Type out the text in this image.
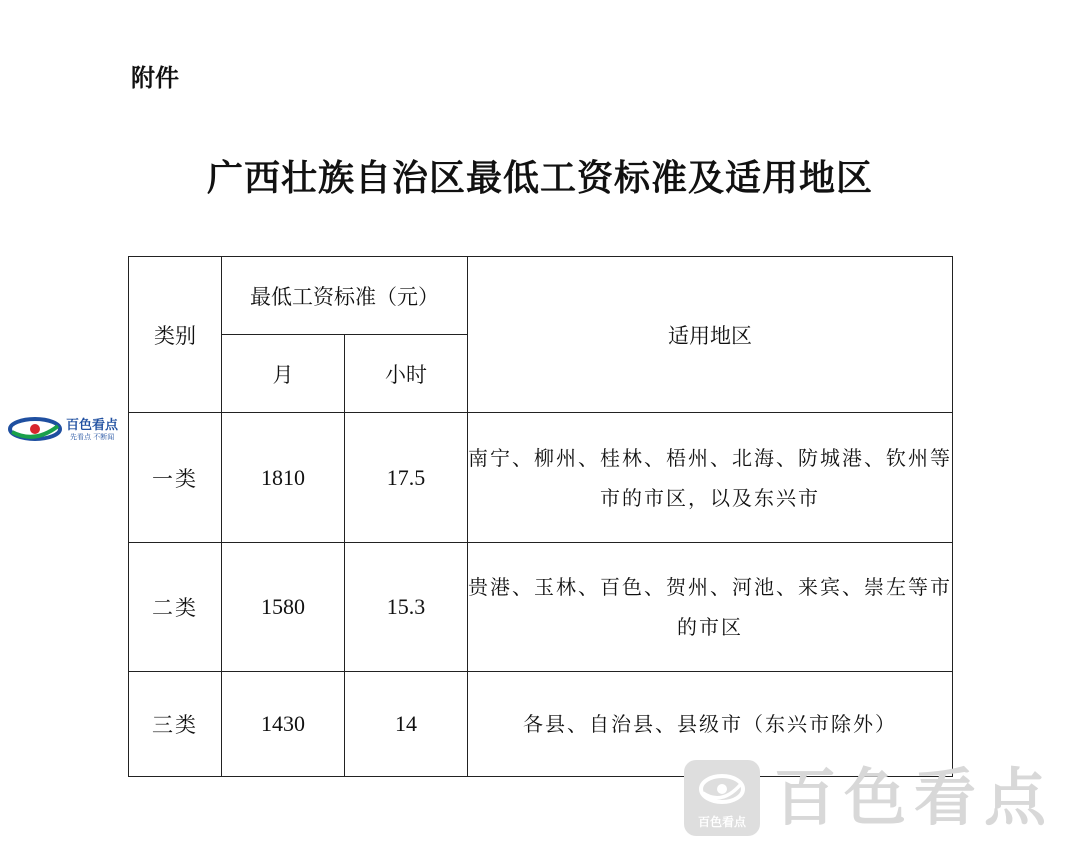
附件
广西壮族自治区最低工资标准及适用地区
类别	最低工资标准（元）		适用地区
	月	小时	
一类	1810	17.5	南宁、柳州、桂林、梧州、北海、防城港、钦州等市的市区，以及东兴市
二类	1580	15.3	贵港、玉林、百色、贺州、河池、来宾、崇左等市的市区
三类	1430	14	各县、自治县、县级市（东兴市除外）
百色看点
先看点 不断闻
百色看点 百色看点
